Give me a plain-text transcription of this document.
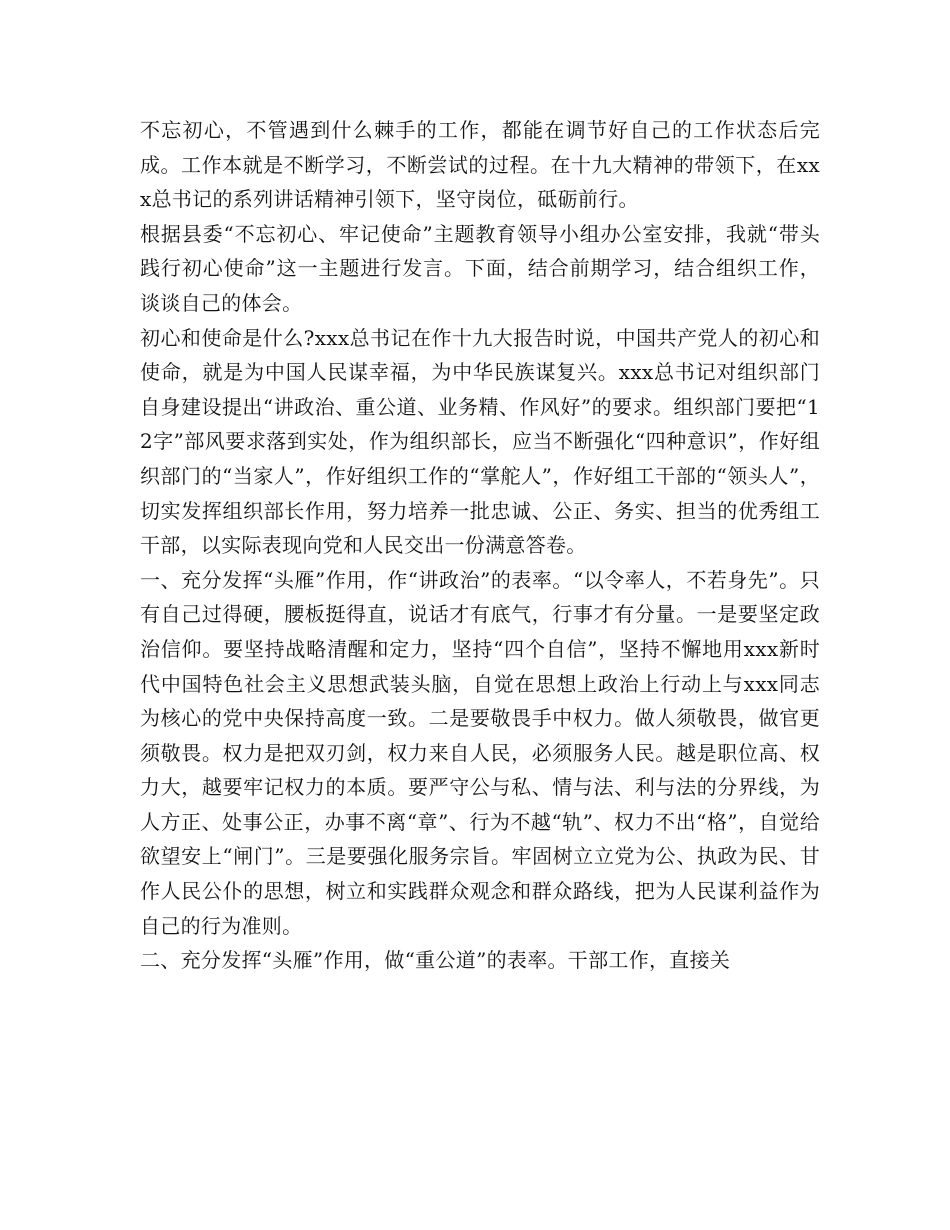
不忘初心，不管遇到什么棘手的工作，都能在调节好自己的工作状态后完成。工作本就是不断学习，不断尝试的过程。在十九大精神的带领下，在xxx总书记的系列讲话精神引领下，坚守岗位，砥砺前行。

根据县委“不忘初心、牢记使命”主题教育领导小组办公室安排，我就“带头践行初心使命”这一主题进行发言。下面，结合前期学习，结合组织工作，谈谈自己的体会。

初心和使命是什么?xxx总书记在作十九大报告时说，中国共产党人的初心和使命，就是为中国人民谋幸福，为中华民族谋复兴。xxx总书记对组织部门自身建设提出“讲政治、重公道、业务精、作风好”的要求。组织部门要把“12字”部风要求落到实处，作为组织部长，应当不断强化“四种意识”，作好组织部门的“当家人”，作好组织工作的“掌舵人”，作好组工干部的“领头人”，切实发挥组织部长作用，努力培养一批忠诚、公正、务实、担当的优秀组工干部，以实际表现向党和人民交出一份满意答卷。

一、充分发挥“头雁”作用，作“讲政治”的表率。“以令率人，不若身先”。只有自己过得硬，腰板挺得直，说话才有底气，行事才有分量。一是要坚定政治信仰。要坚持战略清醒和定力，坚持“四个自信”，坚持不懈地用xxx新时代中国特色社会主义思想武装头脑，自觉在思想上政治上行动上与xxx同志为核心的党中央保持高度一致。二是要敬畏手中权力。做人须敬畏，做官更须敬畏。权力是把双刃剑，权力来自人民，必须服务人民。越是职位高、权力大，越要牢记权力的本质。要严守公与私、情与法、利与法的分界线，为人方正、处事公正，办事不离“章”、行为不越“轨”、权力不出“格”，自觉给欲望安上“闸门”。三是要强化服务宗旨。牢固树立立党为公、执政为民、甘作人民公仆的思想，树立和实践群众观念和群众路线，把为人民谋利益作为自己的行为准则。

二、充分发挥“头雁”作用，做“重公道”的表率。干部工作，直接关
